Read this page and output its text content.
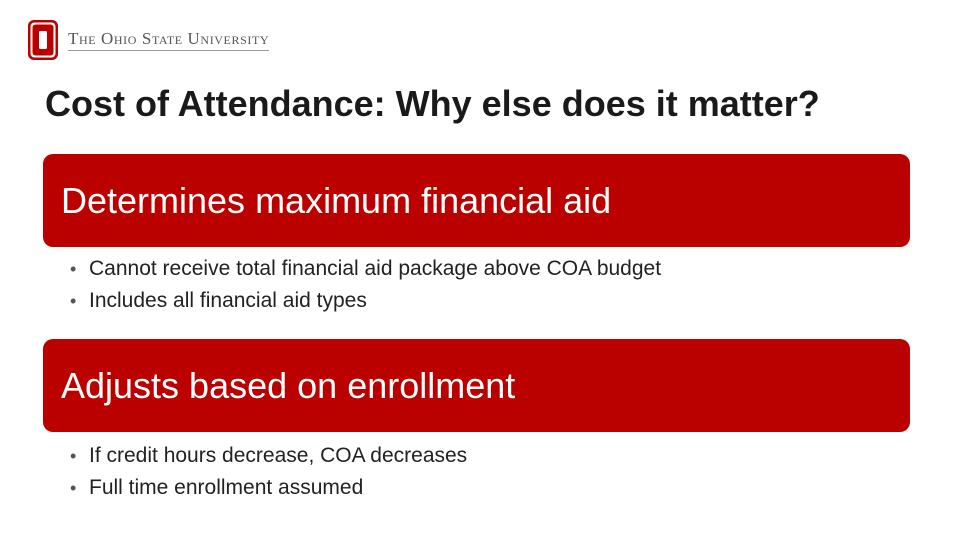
The Ohio State University
Cost of Attendance: Why else does it matter?
Determines maximum financial aid
• Cannot receive total financial aid package above COA budget
• Includes all financial aid types
Adjusts based on enrollment
• If credit hours decrease, COA decreases
• Full time enrollment assumed
